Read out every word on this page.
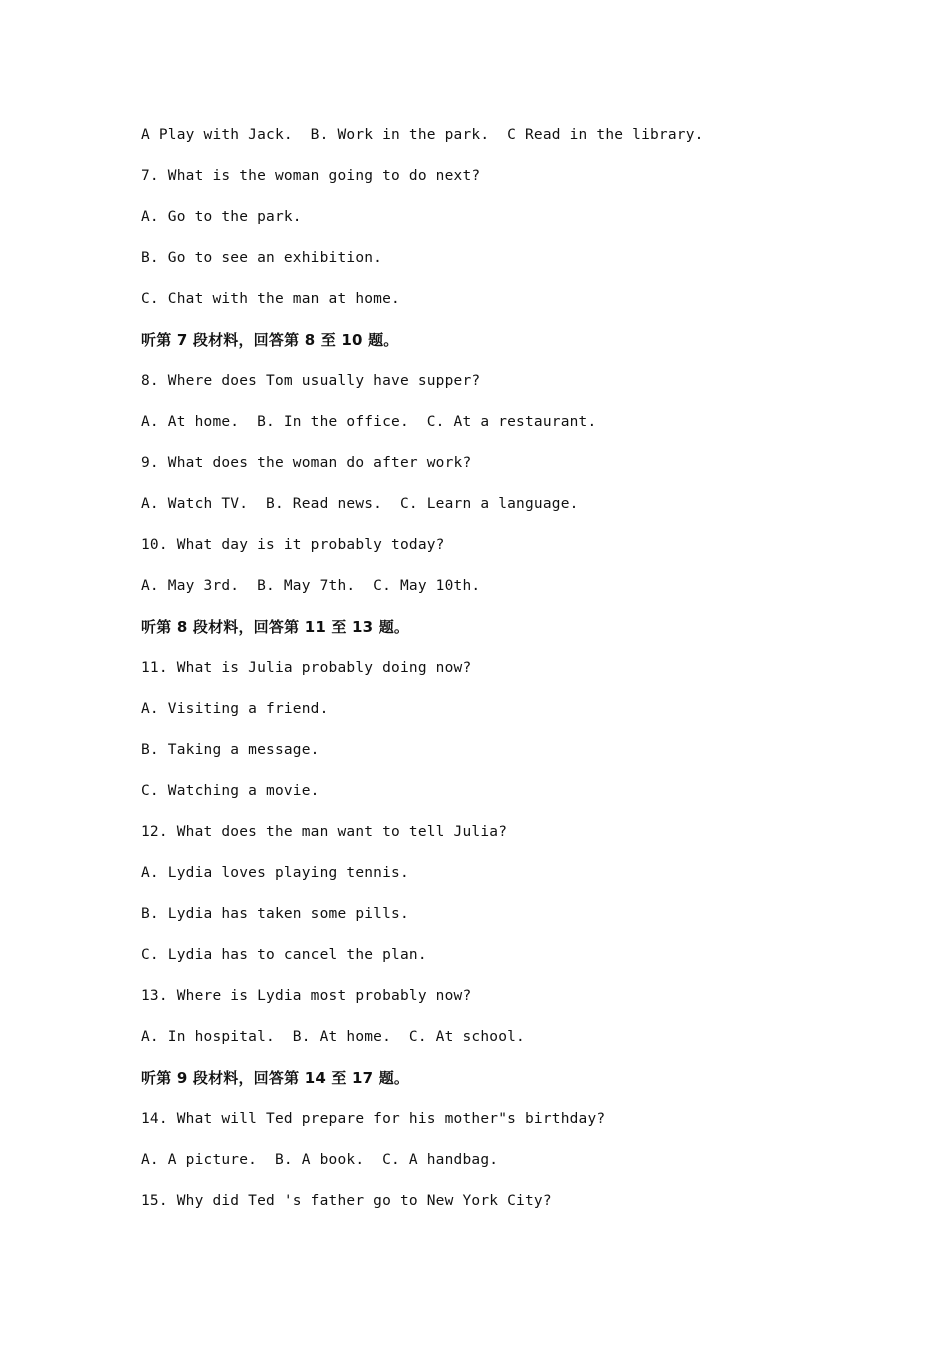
A Play with Jack.  B. Work in the park.  C Read in the library.
7. What is the woman going to do next?
A. Go to the park.
B. Go to see an exhibition.
C. Chat with the man at home.
听第 7 段材料，回答第 8 至 10 题。
8. Where does Tom usually have supper?
A. At home.  B. In the office.  C. At a restaurant.
9. What does the woman do after work?
A. Watch TV.  B. Read news.  C. Learn a language.
10. What day is it probably today?
A. May 3rd.  B. May 7th.  C. May 10th.
听第 8 段材料，回答第 11 至 13 题。
11. What is Julia probably doing now?
A. Visiting a friend.
B. Taking a message.
C. Watching a movie.
12. What does the man want to tell Julia?
A. Lydia loves playing tennis.
B. Lydia has taken some pills.
C. Lydia has to cancel the plan.
13. Where is Lydia most probably now?
A. In hospital.  B. At home.  C. At school.
听第 9 段材料，回答第 14 至 17 题。
14. What will Ted prepare for his mother"s birthday?
A. A picture.  B. A book.  C. A handbag.
15. Why did Ted 's father go to New York City?
